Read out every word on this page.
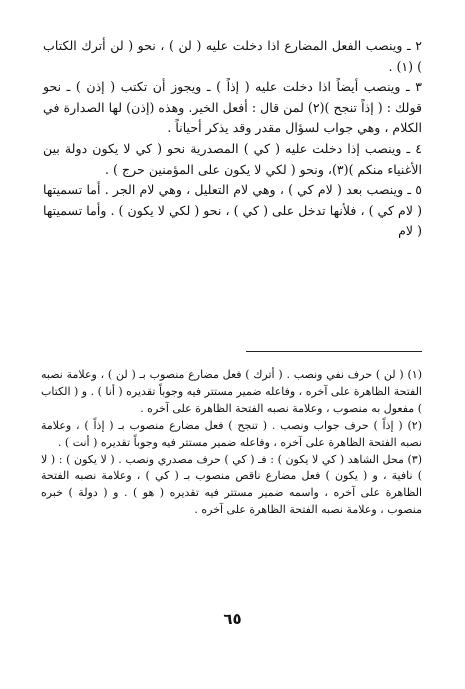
٢ ـ وينصب الفعل المضارع اذا دخلت عليه ( لن ) ، نحو ( لن أترك الكتاب ) (١) .

٣ ـ وينصب أيضاً اذا دخلت عليه ( إذاً ) ـ ويجوز أن تكتب ( إذن ) ـ نحو قولك : ( إذاً تنجح )(٢) لمن قال : أفعل الخير. وهذه (إذن) لها الصدارة في الكلام ، وهي جواب لسؤال مقدر وقد يذكر أحياناً .

٤ ـ وينصب إذا دخلت عليه ( كي ) المصدرية نحو ( كي لا يكون دولة بين الأغنياء منكم )(٣)، ونحو ( لكي لا يكون على المؤمنين حرج ) .

٥ ـ وينصب بعد ( لام كي ) ، وهي لام التعليل ، وهي لام الجر . أما تسميتها ( لام كي ) ، فلأنها تدخل على ( كي ) ، نحو ( لكي لا يكون ) . وأما تسميتها ( لام

(١) ( لن ) حرف نفي ونصب . ( أترك ) فعل مضارع منصوب بـ ( لن ) ، وعلامة نصبه الفتحة الظاهرة على آخره ، وفاعله ضمير مستتر فيه وجوباً تقديره ( أنا ) . و ( الكتاب ) مفعول به منصوب ، وعلامة نصبه الفتحة الظاهرة على آخره .

(٢) ( إذاً ) حرف جواب ونصب . ( تنجح ) فعل مضارع منصوب بـ ( إذاً ) ، وعلامة نصبه الفتحة الظاهرة على آخره ، وفاعله ضمير مستتر فيه وجوباً تقديره ( أنت ) .

(٣) محل الشاهد ( كي لا يكون ) : فـ ( كي ) حرف مصدري ونصب . ( لا يكون ) : ( لا ) نافية ، و ( يكون ) فعل مضارع ناقص منصوب بـ ( كي ) ، وعلامة نصبه الفتحة الظاهرة على آخره ، واسمه ضمير مستتر فيه تقديره ( هو ) . و ( دولة ) خبره منصوب ، وعلامة نصبه الفتحة الظاهرة على آخره .

٦٥
